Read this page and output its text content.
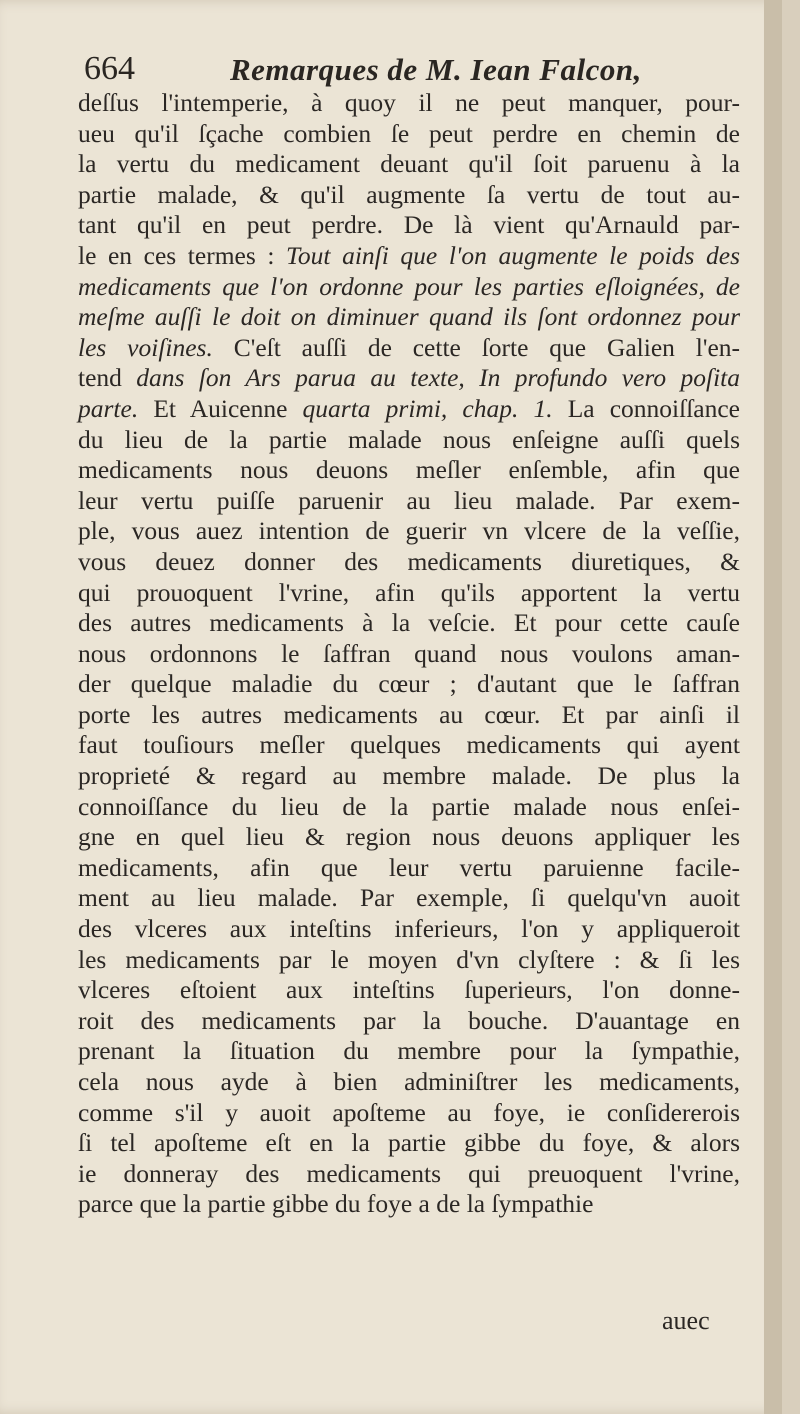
664	Remarques de M. Iean Falcon,
deſſus l'intemperie, à quoy il ne peut manquer, pour-
ueu qu'il ſçache combien ſe peut perdre en chemin de
la vertu du medicament deuant qu'il ſoit paruenu à la
partie malade, & qu'il augmente ſa vertu de tout au-
tant qu'il en peut perdre. De là vient qu'Arnauld par-
le en ces termes : Tout ainſi que l'on augmente le poids des
medicaments que l'on ordonne pour les parties eſloignées, de
meſme auſſi le doit on diminuer quand ils ſont ordonnez pour
les voiſines. C'eſt auſſi de cette ſorte que Galien l'en-
tend dans ſon Ars parua au texte, In profundo vero poſita
parte. Et Auicenne quarta primi, chap. 1. La connoiſſance
du lieu de la partie malade nous enſeigne auſſi quels
medicaments nous deuons meſler enſemble, afin que
leur vertu puiſſe paruenir au lieu malade. Par exem-
ple, vous auez intention de guerir vn vlcere de la veſſie,
vous deuez donner des medicaments diuretiques, &
qui prouoquent l'vrine, afin qu'ils apportent la vertu
des autres medicaments à la veſcie. Et pour cette cauſe
nous ordonnons le ſaffran quand nous voulons aman-
der quelque maladie du cœur ; d'autant que le ſaffran
porte les autres medicaments au cœur. Et par ainſi il
faut touſiours meſler quelques medicaments qui ayent
proprieté & regard au membre malade. De plus la
connoiſſance du lieu de la partie malade nous enſei-
gne en quel lieu & region nous deuons appliquer les
medicaments, afin que leur vertu paruienne facile-
ment au lieu malade. Par exemple, ſi quelqu'vn auoit
des vlceres aux inteſtins inferieurs, l'on y appliqueroit
les medicaments par le moyen d'vn clyſtere : & ſi les
vlceres eſtoient aux inteſtins ſuperieurs, l'on donne-
roit des medicaments par la bouche. D'auantage en
prenant la ſituation du membre pour la ſympathie,
cela nous ayde à bien adminiſtrer les medicaments,
comme s'il y auoit apoſteme au foye, ie conſidererois
ſi tel apoſteme eſt en la partie gibbe du foye, & alors
ie donneray des medicaments qui preuoquent l'vrine,
parce que la partie gibbe du foye a de la ſympathie
auec
